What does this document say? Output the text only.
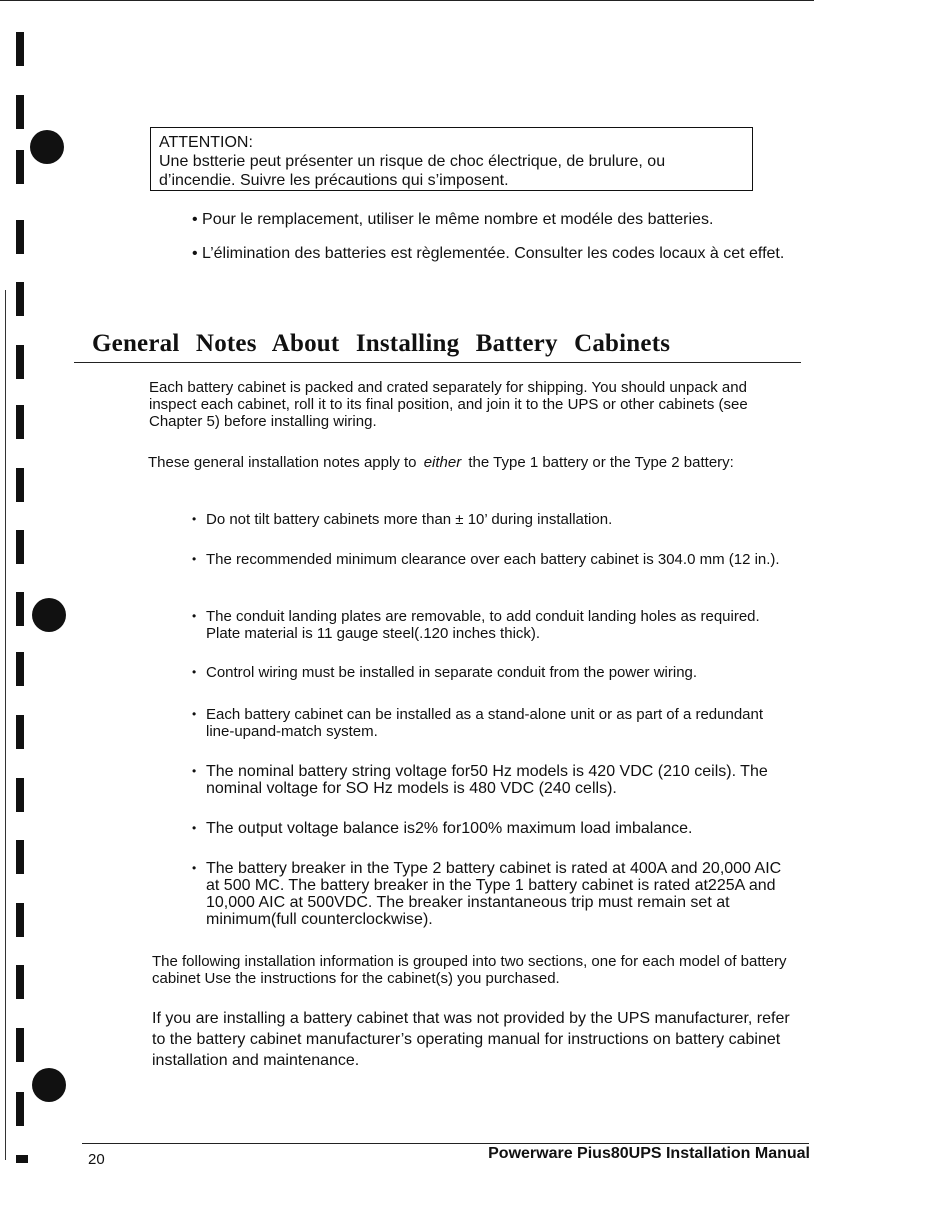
ATTENTION:
Une bstterie peut présenter un risque de choc électrique, de brulure, ou d’incendie. Suivre les précautions qui s’imposent.

• Pour le remplacement, utiliser le même nombre et modéle des batteries.

• L’élimination des batteries est règlementée. Consulter les codes locaux à cet effet.

General Notes About Installing Battery Cabinets
Each battery cabinet is packed and crated separately for shipping. You should unpack and inspect each cabinet, roll it to its final position, and join it to the UPS or other cabinets (see Chapter 5) before installing wiring.
These general installation notes apply to either the Type 1 battery or the Type 2 battery:
• Do not tilt battery cabinets more than ± 10’ during installation.
• The recommended minimum clearance over each battery cabinet is 304.0 mm (12 in.).
• The conduit landing plates are removable, to add conduit landing holes as required. Plate material is 11 gauge steel(.120 inches thick).
• Control wiring must be installed in separate conduit from the power wiring.
• Each battery cabinet can be installed as a stand-alone unit or as part of a redundant line-upand-match system.
• The nominal battery string voltage for50 Hz models is 420 VDC (210 ceils). The nominal voltage for SO Hz models is 480 VDC (240 cells).
• The output voltage balance is2% for100% maximum load imbalance.
• The battery breaker in the Type 2 battery cabinet is rated at 400A and 20,000 AIC at 500 MC. The battery breaker in the Type 1 battery cabinet is rated at225A and 10,000 AIC at 500VDC. The breaker instantaneous trip must remain set at minimum(full counterclockwise).
The following installation information is grouped into two sections, one for each model of battery cabinet Use the instructions for the cabinet(s) you purchased.
If you are installing a battery cabinet that was not provided by the UPS manufacturer, refer to the battery cabinet manufacturer’s operating manual for instructions on battery cabinet installation and maintenance.
20	Powerware Pius80UPS Installation Manual
